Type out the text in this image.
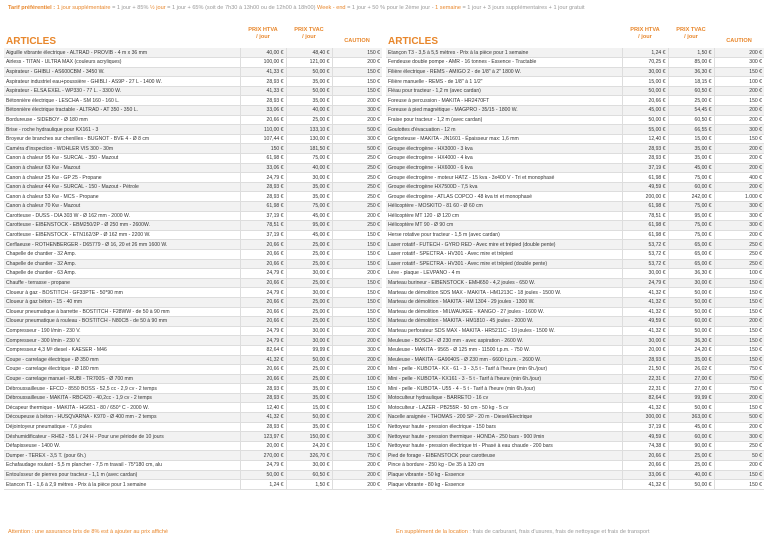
Tarif préférentiel : 1 jour supplémentaire = 1 jour + 85% ½ jour = 1 jour + 65% (soit de 7h30 à 13h00 ou de 12h00 à 18h00) Week - end = 1 jour + 50 % pour le 2ème jour - 1 semaine = 1 jour + 3 jours supplémentaires + 1 jour gratuit
ARTICLES
PRIX HTVA
/ jour
PRIX TVAC
/ jour
CAUTION
Aiguille vibrante électrique - ALTRAD - PROVIB - 4 m x 36 mm	40,00 €	48,40 €	150 €
Airless - TITAN - ULTRA MAX (couleurs acryliques)	100,00 €	121,00 €	200 €
Aspirateur - GHIBLI - AS600CBM - 3450 W.	41,33 €	50,00 €	150 €
Aspirateur industriel eau+poussière - GHIBLI - AS9P - 27 L - 1400 W.	28,93 €	35,00 €	150 €
Aspirateur - ELSA EXEL - WP330 - 77 L. - 3300 W.	41,33 €	50,00 €	150 €
Bétonnière électrique - LESCHA - SM 160 - 160 L.	28,93 €	35,00 €	200 €
Bétonnière électrique tractable - ALTRAD - AT 350 - 350 L.	33,06 €	40,00 €	300 €
Bordureuse - SIDEBOY - Ø 180 mm	20,66 €	25,00 €	200 €
Brise - roche hydraulique pour KX161 - 3	110,00 €	133,10 €	500 €
Broyeur de branches sur chenilles - BUGNOT - BVE 4 - Ø 8 cm	107,44 €	130,00 €	300 €
Caméra d'inspection - WOHLER VIS 300 - 30m	150 €	181,50 €	500 €
Canon à chaleur 95 Kw - SURCAL - 350 - Mazout	61,98 €	75,00 €	250 €
Canon à chaleur 63 Kw - Mazout	33,06 €	40,00 €	250 €
Canon à chaleur 25 Kw - GP 25 - Propane	24,79 €	30,00 €	250 €
Canon à chaleur 44 Kw - SURCAL - 150 - Mazout - Pétrole	28,93 €	35,00 €	250 €
Canon à chaleur 53 Kw - MCS - Propane	28,93 €	35,00 €	250 €
Canon à chaleur 70 Kw - Mazout	61,98 €	75,00 €	250 €
Carotteuse - DUSS - DIA 303 W - Ø 162 mm - 2000 W.	37,19 €	45,00 €	200 €
Carotteuse - EIBENSTOCK - EBM250/2P - Ø 250 mm - 2600W.	78,51 €	95,00 €	250 €
Carotteuse - EIBENSTOCK - ETN162/3P - Ø 162 mm - 2200 W.	37,19 €	45,00 €	150 €
Cerflaeuse - ROTHENBERGER - D65779 - Ø 16, 20 et 26 mm 1600 W.	20,66 €	25,00 €	150 €
Chapelle de chantier - 32 Amp.	20,66 €	25,00 €	150 €
Chapelle de chantier - 32 Amp.	20,66 €	25,00 €	150 €
Chapelle de chantier - 63 Amp.	24,79 €	30,00 €	200 €
Chauffe - terrasse - propane	20,66 €	25,00 €	150 €
Cloueur à gaz - BOSTITCH - GF33PTE - 50*90 mm	24,79 €	30,00 €	150 €
Cloueur à gaz béton - 15 - 40 mm	20,66 €	25,00 €	150 €
Cloueur pneumatique à barrette - BOSTITCH - F28WW - de 50 à 90 mm	20,66 €	25,00 €	150 €
Cloueur pneumatique à rouleau - BOSTITCH - N80CB - de 50 à 90 mm	20,66 €	25,00 €	150 €
Compresseur - 190 l/min - 230 V.	24,79 €	30,00 €	200 €
Compresseur - 300 l/min - 230 V.	24,79 €	30,00 €	200 €
Compresseur 4,3 M³ diesel - KAESER - M46	82,64 €	99,99 €	300 €
Coupe - carrelage électrique - Ø 350 mm	41,32 €	50,00 €	200 €
Coupe - carrelage électrique - Ø 180 mm	20,66 €	25,00 €	200 €
Coupe - carrelage manuel - RUBI - TR700S - Ø 700 mm	20,66 €	25,00 €	100 €
Débroussailleuse - EFCO - 8550 BOSS - 52,5 cc - 2,9 cv - 2 temps	28,93 €	35,00 €	150 €
Débroussailleuse - MAKITA - RBC420 - 40,2cc - 1,9 cv - 2 temps	28,93 €	35,00 €	150 €
Décapeur thermique - MAKITA - HG651 - 80 / 650° C - 2000 W.	12,40 €	15,00 €	150 €
Découpeuse à béton - HUSQVARNA - K970 - Ø 400 mm - 2 temps	41,32 €	50,00 €	200 €
Déjointoyeur pneumatique - 7,6 joules	28,93 €	35,00 €	150 €
Déshumidificateur - RH62 - 55 L / 24 H - Pour une période de 10 jours	123,97 €	150,00 €	300 €
Défapisseuse - 1400 W.	20,00 €	24,20 €	150 €
Dumper - TEREX - 3,5 T. (pour 6h.)	270,00 €	326,70 €	750 €
Echafaudage roulant - 5,5 m plancher - 7,5 m travail - 75*180 cm, alu	24,79 €	30,00 €	200 €
Entouïsseur de pierres pour tracteur - 1,1 m (avec cardan)	50,00 €	60,50 €	200 €
Etancon T1 - 1,6 à 2,9 mètres - Prix à la pièce pour 1 semaine	1,24 €	1,50 €	200 €
ARTICLES
PRIX HTVA
/ jour
PRIX TVAC
/ jour
CAUTION
Etançon T3 - 3,5 à 5,5 mètres - Prix à la pièce pour 1 semaine	1,24 €	1,50 €	200 €
Fendeuse double pompe - AMR - 16 tonnes - Essence - Tractable	70,25 €	85,00 €	300 €
Filière électrique - REMS - AMIGO 2 - de 1/8" à 2" 1800 W.	30,00 €	36,30 €	150 €
Filière manuelle - REMS - de 1/8" à 1 1/2"	15,00 €	18,15 €	100 €
Fléau pour tracteur - 1,2 m (avec cardan)	50,00 €	60,50 €	200 €
Foreuse à percussion - MAKITA - HR2470FT	20,66 €	25,00 €	150 €
Foreuse à pied magnétique - MAGPRO - 35/15 - 1800 W.	45,00 €	54,45 €	200 €
Fraise pour tracteur - 1,2 m (avec cardan)	50,00 €	60,50 €	200 €
Goulottes d'évacuation - 12 m	55,00 €	66,55 €	300 €
Grignoteuse - MAKITA - JN1601 - Épaisseur max: 1,6 mm	12,40 €	15,00 €	150 €
Groupe électrogène - HX3000 - 3 kva	28,93 €	35,00 €	200 €
Groupe électrogène - HX4000 - 4 kva	28,93 €	35,00 €	200 €
Groupe électrogène - HX6000 - 6 kva	37,19 €	45,00 €	200 €
Groupe électrogène - moteur HATZ - 15 kva - 3x400 V - Tri et monophasé	61,98 €	75,00 €	400 €
Groupe électrogène HX7500D - 7,5 kva	49,59 €	60,00 €	200 €
Groupe électrogène - ATLAS COPCO - 48 kva tri et monophasé	200,00 €	242,00 €	1.000 €
Hélicoptère - MOSKITO - 81 60 - Ø 60 cm	61,98 €	75,00 €	300 €
Hélicoptère MT 120 - Ø 120 cm	78,51 €	95,00 €	300 €
Hélicoptère MT 90 - Ø 90 cm	61,98 €	75,00 €	300 €
Herse rotative pour tracteur - 1,5 m (avec cardan)	61,98 €	75,00 €	200 €
Laser rotatif - FUTECH - GYRO RED - Avec mire et trépied (double pente)	53,72 €	65,00 €	250 €
Laser rotatif - SPECTRA - HV301 - Avec mire et trépied	53,72 €	65,00 €	250 €
Laser rotatif - SPECTRA - HV301 - Avec mire et trépied (double pente)	53,72 €	65,00 €	250 €
Lève - plaque - LEVPANO - 4 m	30,00 €	36,30 €	100 €
Marteau burineur - EIBENSTOCK - EMH650 - 4,2 joules - 650 W.	24,79 €	30,00 €	150 €
Marteau de démolition SDS MAX - MAKITA - HM1213C - 18 joules - 1500 W.	41,32 €	50,00 €	150 €
Marteau de démolition - MAKITA - HM 1304 - 29 joules - 1300 W.	41,32 €	50,00 €	150 €
Marteau de démolition - MILWAUKEE - KANGO - 27 joules - 1600 W.	41,32 €	50,00 €	150 €
Marteau de démolition - MAKITA - HM1810 - 45 joules - 2000 W.	49,59 €	60,00 €	200 €
Marteau perforateur SDS MAX - MAKITA - HR5211C - 19 joules - 1500 W.	41,32 €	50,00 €	150 €
Meuleuse - BOSCH - Ø 230 mm - avec aspiration - 2600 W.	30,00 €	36,30 €	150 €
Meuleuse - MAKITA - 9565 - Ø 125 mm - 11500 t.p.m. - 750 W.	20,00 €	24,20 €	150 €
Meuleuse - MAKITA - GA9040S - Ø 230 mm - 6600 t.p.m. - 2600 W.	28,93 €	35,00 €	150 €
Mini - pelle - KUBOTA - KX - 61 - 3 - 3,5 t - Tarif à l'heure (min 6h./jour)	21,50 €	26,02 €	750 €
Mini - pelle - KUBOTA - KX161 - 3 - 5 t - Tarif à l'heure (min 6h./jour)	22,31 €	27,00 €	750 €
Mini - pelle - KUBOTA - U55 - 4 - 5 t - Tarif à l'heure (min 6h./jour)	22,31 €	27,00 €	750 €
Motoculteur hydraulique - BARRETO - 16 cv	82,64 €	99,99 €	200 €
Motoculteur - LAZER - PB255R - 50 cm - 50 kg - 5 cv	41,32 €	50,00 €	150 €
Nacelle araignée - THOMAS - 200 SP - 20 m - Diesel/Electrique	300,00 €	363,00 €	500 €
Nettoyeur haute - pression électrique - 150 bars	37,19 €	45,00 €	200 €
Nettoyeur haute - pression thermique - HONDA - 250 bars - 900 l/min	49,59 €	60,00 €	300 €
Nettoyeur haute - pression électrique tri - Phasé à eau chaude - 200 bars	74,38 €	90,00 €	250 €
Pied de forage - EIBENSTOCK pour carotteuse	20,66 €	25,00 €	50 €
Pince à bordure - 250 kg - De 35 à 120 cm	20,66 €	25,00 €	200 €
Plaque vibrante - 50 kg - Essence	33,06 €	40,00 €	150 €
Plaque vibrante - 80 kg - Essence	41,32 €	50,00 €	150 €
Attention : une assurance bris de 8% est à ajouter au prix affiché	En supplément de la location : frais de carburant, frais d'usures, frais de nettoyage et frais de transport
